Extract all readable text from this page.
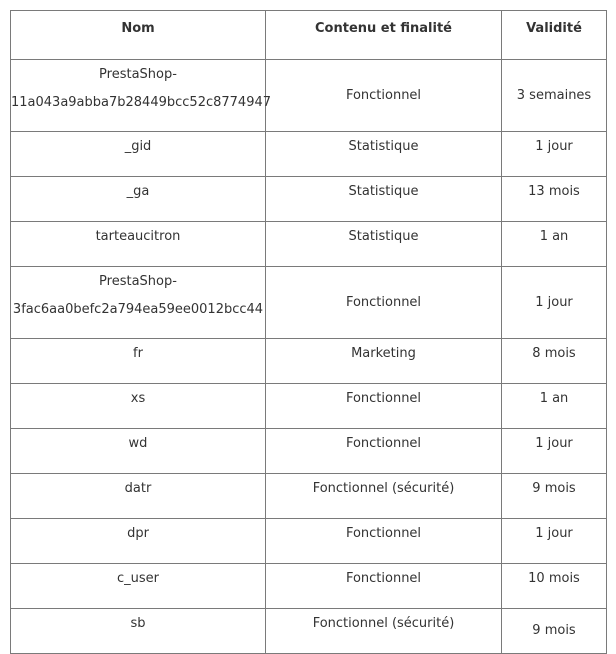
Nom	Contenu et finalité	Validité
PrestaShop-
11a043a9abba7b28449bcc52c8774947	Fonctionnel	3 semaines
_gid	Statistique	1 jour
_ga	Statistique	13 mois
tarteaucitron	Statistique	1 an
PrestaShop-
3fac6aa0befc2a794ea59ee0012bcc44	Fonctionnel	1 jour
fr	Marketing	8 mois
xs	Fonctionnel	1 an
wd	Fonctionnel	1 jour
datr	Fonctionnel (sécurité)	9 mois
dpr	Fonctionnel	1 jour
c_user	Fonctionnel	10 mois
sb	Fonctionnel (sécurité)	9 mois
